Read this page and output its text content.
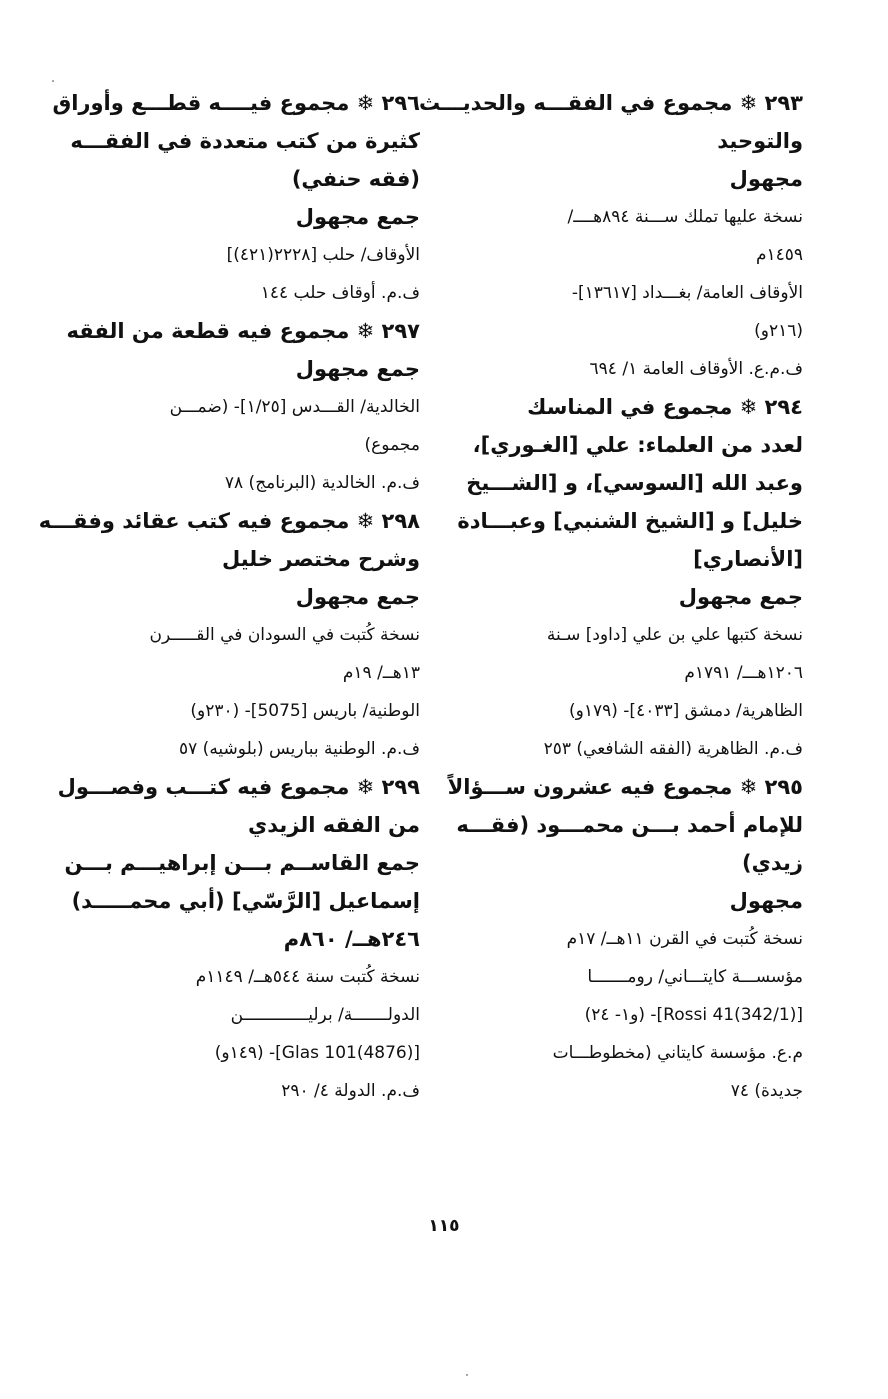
٢٩٣ ❄ مجموع في الفقـــه والحديـــث
والتوحيد
مجهول
نسخة عليها تملك ســـنة ٨٩٤هــــ/
١٤٥٩م
الأوقاف العامة/ بغـــداد [١٣٦١٧]-
(٢١٦و)
ف.م.ع. الأوقاف العامة ١/ ٦٩٤
٢٩٤ ❄ مجموع في المناسك
لعدد من العلماء: علي [الغـوري]،
وعبد الله [السوسي]، و [الشـــيخ
خليل] و [الشيخ الشنبي] وعبـــادة
[الأنصاري]
جمع مجهول
نسخة كتبها علي بن علي [داود] سـنة
١٢٠٦هـــ/ ١٧٩١م
الظاهرية/ دمشق [٤٠٣٣]- (١٧٩و)
ف.م. الظاهرية (الفقه الشافعي) ٢٥٣
٢٩٥ ❄ مجموع فيه عشرون ســـؤالاً
للإمام أحمد بـــن محمـــود (فقـــه
زيدي)
مجهول
نسخة كُتبت في القرن ١١هــ/ ١٧م
مؤسســـة كايتـــاني/ رومـــــــا
[Rossi 41(342/1)]- (و١- ٢٤)
م.ع. مؤسسة كايتاني (مخطوطـــات
جديدة) ٧٤
٢٩٦ ❄ مجموع فيــــه قطـــع وأوراق
كثيرة من كتب متعددة في الفقـــه
(فقه حنفي)
جمع مجهول
الأوقاف/ حلب [٢٢٢٨(٤٢١)]
ف.م. أوقاف حلب ١٤٤
٢٩٧ ❄ مجموع فيه قطعة من الفقه
جمع مجهول
الخالدية/ القـــدس [١/٢٥]- (ضمـــن
مجموع)
ف.م. الخالدية (البرنامج) ٧٨
٢٩٨ ❄ مجموع فيه كتب عقائد وفقـــه
وشرح مختصر خليل
جمع مجهول
نسخة كُتبت في السودان في القـــــرن
١٣هــ/ ١٩م
الوطنية/ باريس [5075]- (٢٣٠و)
ف.م. الوطنية بباريس (بلوشيه) ٥٧
٢٩٩ ❄ مجموع فيه كتـــب وفصـــول
من الفقه الزيدي
جمع القاســم بـــن إبراهيـــم بـــن
إسماعيل [الرَّسّي] (أبي محمـــــد)
٢٤٦هــ/ ٨٦٠م
نسخة كُتبت سنة ٥٤٤هــ/ ١١٤٩م
الدولـــــــة/ برليـــــــــــــن
[Glas 101(4876)]- (١٤٩و)
ف.م. الدولة ٤/ ٢٩٠
١١٥
